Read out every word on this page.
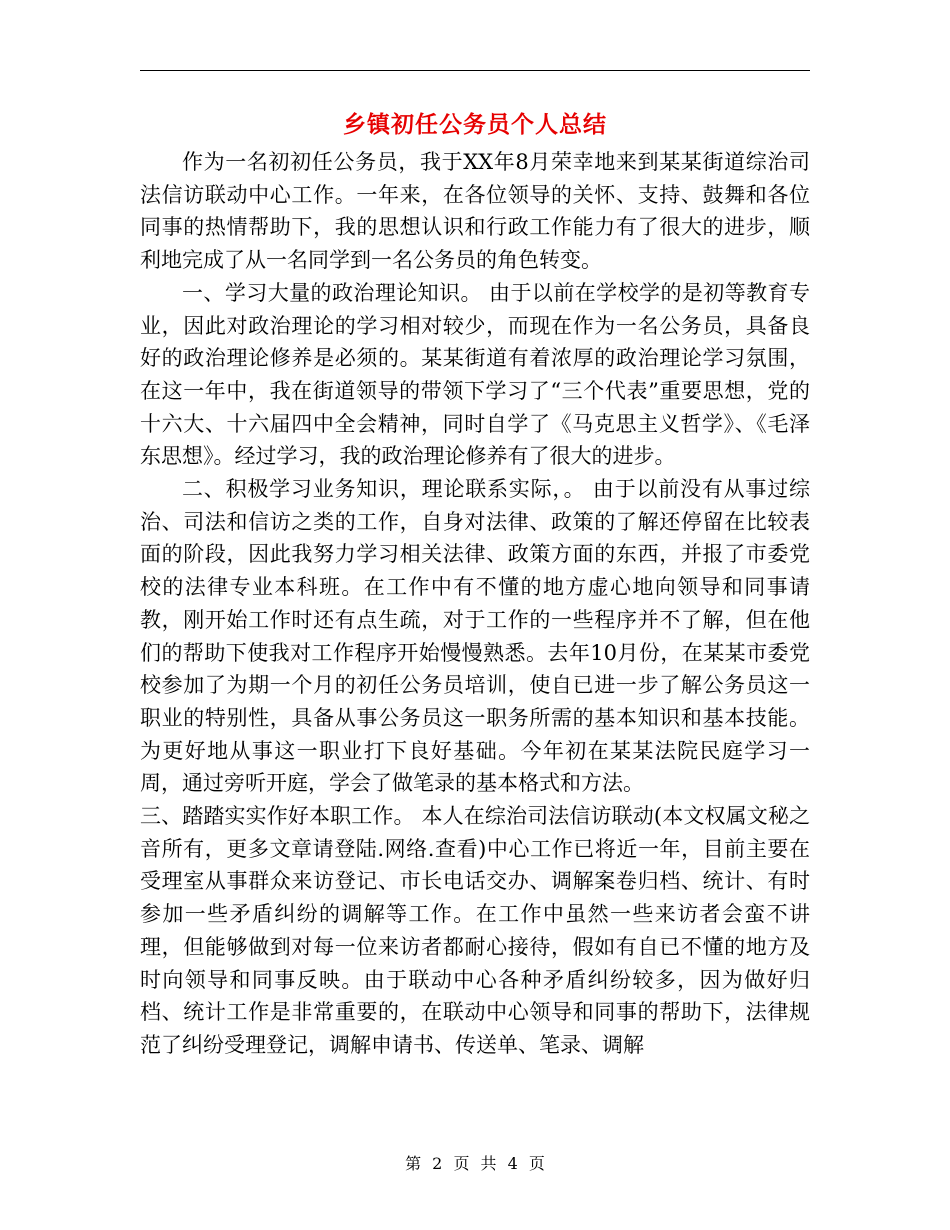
乡镇初任公务员个人总结

作为一名初初任公务员，我于XX年8月荣幸地来到某某街道综治司法信访联动中心工作。一年来，在各位领导的关怀、支持、鼓舞和各位同事的热情帮助下，我的思想认识和行政工作能力有了很大的进步，顺利地完成了从一名同学到一名公务员的角色转变。

一、学习大量的政治理论知识。 由于以前在学校学的是初等教育专业，因此对政治理论的学习相对较少，而现在作为一名公务员，具备良好的政治理论修养是必须的。某某街道有着浓厚的政治理论学习氛围，在这一年中，我在街道领导的带领下学习了“三个代表”重要思想，党的十六大、十六届四中全会精神，同时自学了《马克思主义哲学》、《毛泽东思想》。经过学习，我的政治理论修养有了很大的进步。

二、积极学习业务知识，理论联系实际，。 由于以前没有从事过综治、司法和信访之类的工作，自身对法律、政策的了解还停留在比较表面的阶段，因此我努力学习相关法律、政策方面的东西，并报了市委党校的法律专业本科班。在工作中有不懂的地方虚心地向领导和同事请教，刚开始工作时还有点生疏，对于工作的一些程序并不了解，但在他们的帮助下使我对工作程序开始慢慢熟悉。去年10月份，在某某市委党校参加了为期一个月的初任公务员培训，使自已进一步了解公务员这一职业的特别性，具备从事公务员这一职务所需的基本知识和基本技能。为更好地从事这一职业打下良好基础。今年初在某某法院民庭学习一周，通过旁听开庭，学会了做笔录的基本格式和方法。

三、踏踏实实作好本职工作。 本人在综治司法信访联动(本文权属文秘之音所有，更多文章请登陆.网络.查看)中心工作已将近一年，目前主要在受理室从事群众来访登记、市长电话交办、调解案卷归档、统计、有时参加一些矛盾纠纷的调解等工作。在工作中虽然一些来访者会蛮不讲理，但能够做到对每一位来访者都耐心接待，假如有自已不懂的地方及时向领导和同事反映。由于联动中心各种矛盾纠纷较多，因为做好归档、统计工作是非常重要的，在联动中心领导和同事的帮助下，法律规范了纠纷受理登记，调解申请书、传送单、笔录、调解

第 2 页 共 4 页
